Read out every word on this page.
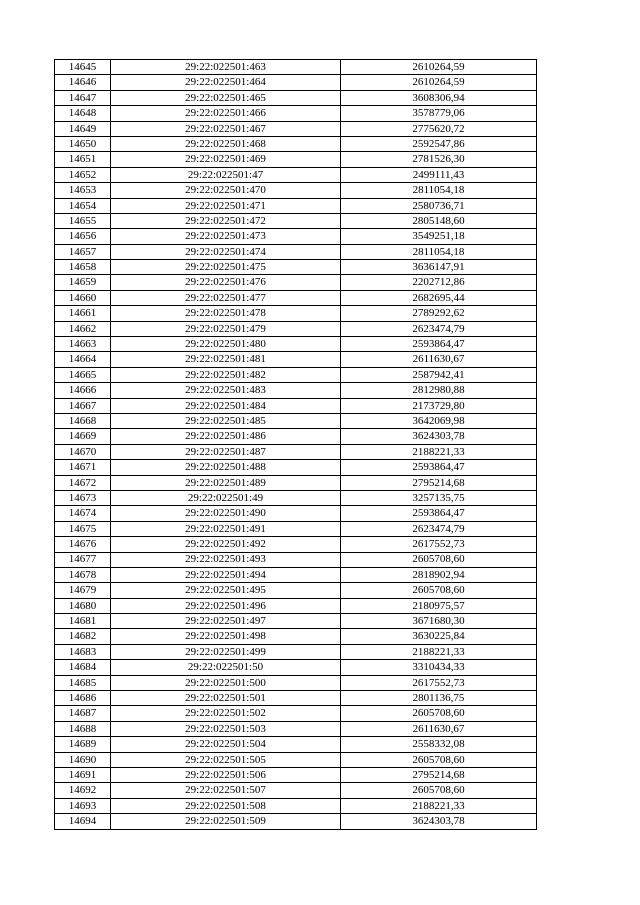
14645	29:22:022501:463	2610264,59
14646	29:22:022501:464	2610264,59
14647	29:22:022501:465	3608306,94
14648	29:22:022501:466	3578779,06
14649	29:22:022501:467	2775620,72
14650	29:22:022501:468	2592547,86
14651	29:22:022501:469	2781526,30
14652	29:22:022501:47	2499111,43
14653	29:22:022501:470	2811054,18
14654	29:22:022501:471	2580736,71
14655	29:22:022501:472	2805148,60
14656	29:22:022501:473	3549251,18
14657	29:22:022501:474	2811054,18
14658	29:22:022501:475	3636147,91
14659	29:22:022501:476	2202712,86
14660	29:22:022501:477	2682695,44
14661	29:22:022501:478	2789292,62
14662	29:22:022501:479	2623474,79
14663	29:22:022501:480	2593864,47
14664	29:22:022501:481	2611630,67
14665	29:22:022501:482	2587942,41
14666	29:22:022501:483	2812980,88
14667	29:22:022501:484	2173729,80
14668	29:22:022501:485	3642069,98
14669	29:22:022501:486	3624303,78
14670	29:22:022501:487	2188221,33
14671	29:22:022501:488	2593864,47
14672	29:22:022501:489	2795214,68
14673	29:22:022501:49	3257135,75
14674	29:22:022501:490	2593864,47
14675	29:22:022501:491	2623474,79
14676	29:22:022501:492	2617552,73
14677	29:22:022501:493	2605708,60
14678	29:22:022501:494	2818902,94
14679	29:22:022501:495	2605708,60
14680	29:22:022501:496	2180975,57
14681	29:22:022501:497	3671680,30
14682	29:22:022501:498	3630225,84
14683	29:22:022501:499	2188221,33
14684	29:22:022501:50	3310434,33
14685	29:22:022501:500	2617552,73
14686	29:22:022501:501	2801136,75
14687	29:22:022501:502	2605708,60
14688	29:22:022501:503	2611630,67
14689	29:22:022501:504	2558332,08
14690	29:22:022501:505	2605708,60
14691	29:22:022501:506	2795214,68
14692	29:22:022501:507	2605708,60
14693	29:22:022501:508	2188221,33
14694	29:22:022501:509	3624303,78
